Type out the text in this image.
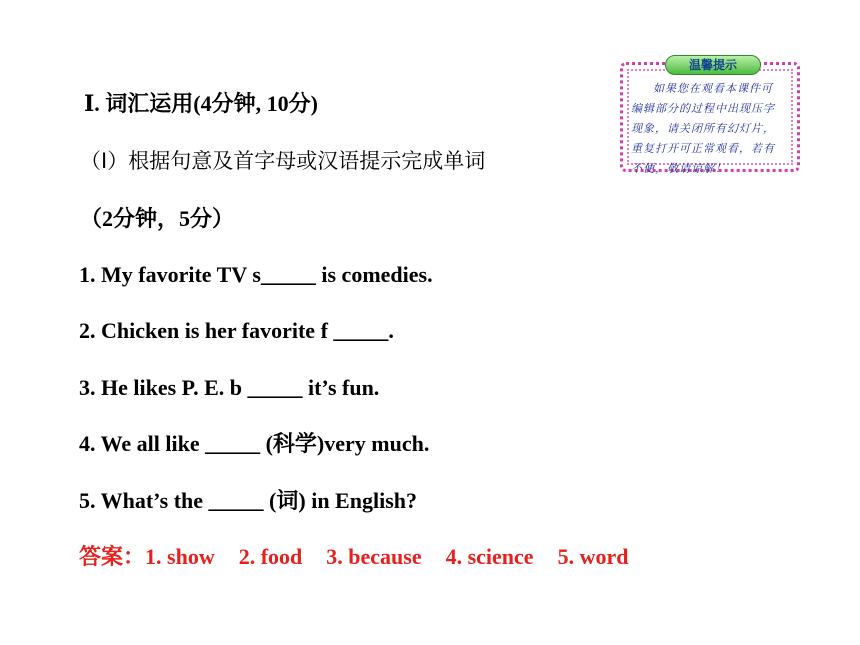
Ⅰ. 词汇运用(4分钟, 10分)
（Ⅰ）根据句意及首字母或汉语提示完成单词
（2分钟，5分）
1. My favorite TV s_____ is comedies.
2. Chicken is her favorite f _____.
3. He likes P. E. b _____ it’s fun.
4. We all like _____ (科学)very much.
5. What’s the _____ (词) in English?
答案：1. show 2. food 3. because 4. science 5. word
温馨提示
如果您在观看本课件可
编辑部分的过程中出现压字
现象，请关闭所有幻灯片，
重复打开可正常观看，若有
不便，敬请谅解！
